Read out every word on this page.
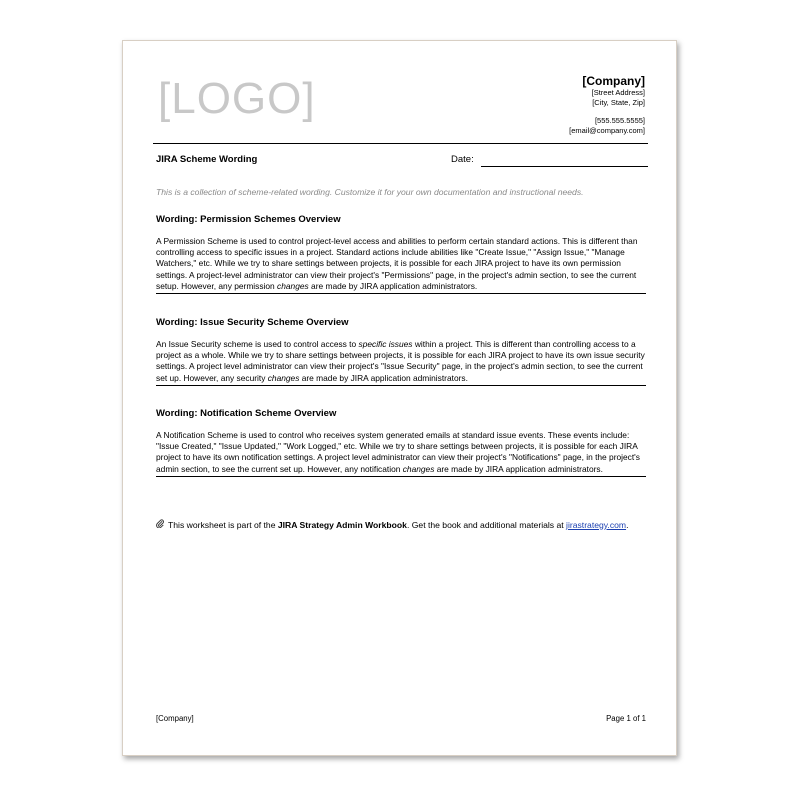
[LOGO]	[Company]
[Street Address]
[City, State, Zip]
[555.555.5555]
[email@company.com]
JIRA Scheme Wording	Date:
This is a collection of scheme-related wording. Customize it for your own documentation and instructional needs.
Wording: Permission Schemes Overview
A Permission Scheme is used to control project-level access and abilities to perform certain standard actions. This is different than controlling access to specific issues in a project. Standard actions include abilities like "Create Issue," "Assign Issue," "Manage Watchers," etc. While we try to share settings between projects, it is possible for each JIRA project to have its own permission settings. A project-level administrator can view their project's "Permissions" page, in the project's admin section, to see the current setup. However, any permission changes are made by JIRA application administrators.
Wording: Issue Security Scheme Overview
An Issue Security scheme is used to control access to specific issues within a project. This is different than controlling access to a project as a whole. While we try to share settings between projects, it is possible for each JIRA project to have its own issue security settings. A project level administrator can view their project's "Issue Security" page, in the project's admin section, to see the current set up. However, any security changes are made by JIRA application administrators.
Wording: Notification Scheme Overview
A Notification Scheme is used to control who receives system generated emails at standard issue events. These events include: "Issue Created," "Issue Updated," "Work Logged," etc. While we try to share settings between projects, it is possible for each JIRA project to have its own notification settings. A project level administrator can view their project's "Notifications" page, in the project's admin section, to see the current set up. However, any notification changes are made by JIRA application administrators.
This worksheet is part of the JIRA Strategy Admin Workbook. Get the book and additional materials at jirastrategy.com.
[Company]	Page 1 of 1
